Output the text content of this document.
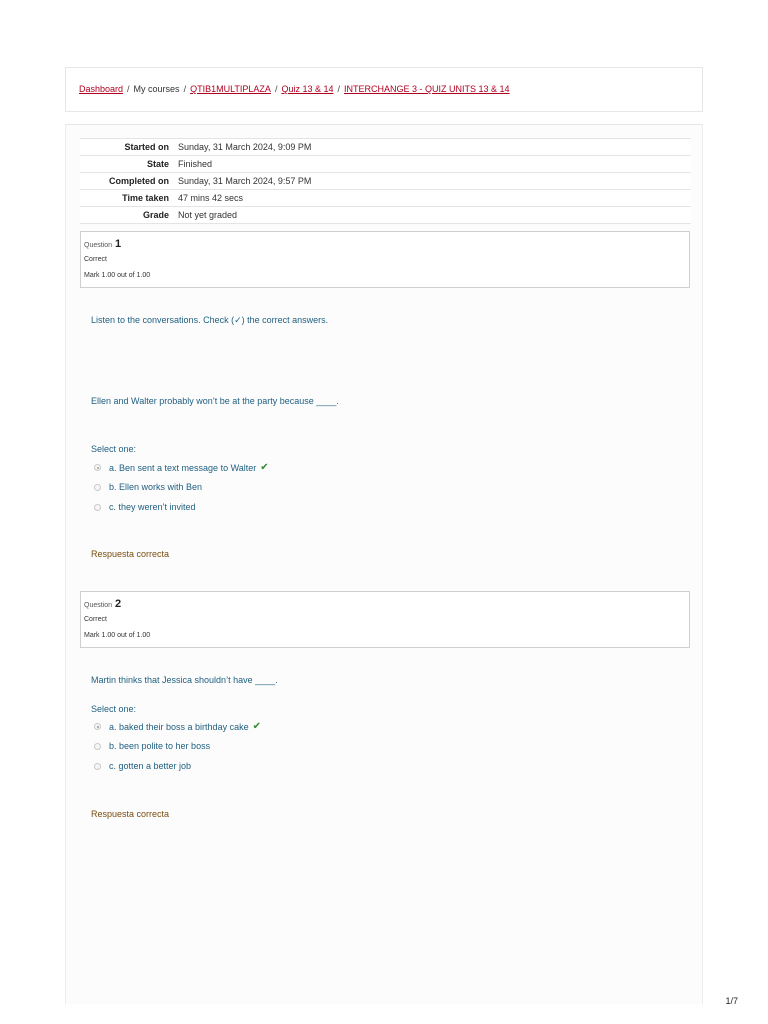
Dashboard / My courses / QTIB1MULTIPLAZA / Quiz 13 & 14 / INTERCHANGE 3 - QUIZ UNITS 13 & 14
Started on	Sunday, 31 March 2024, 9:09 PM
State	Finished
Completed on	Sunday, 31 March 2024, 9:57 PM
Time taken	47 mins 42 secs
Grade	Not yet graded
Question 1
Correct
Mark 1.00 out of 1.00
Listen to the conversations. Check (✓) the correct answers.
Ellen and Walter probably won’t be at the party because ____.
Select one:
a. Ben sent a text message to Walter ✔
b. Ellen works with Ben
c. they weren’t invited
Respuesta correcta
Question 2
Correct
Mark 1.00 out of 1.00
Martin thinks that Jessica shouldn’t have ____.
Select one:
a. baked their boss a birthday cake ✔
b. been polite to her boss
c. gotten a better job
Respuesta correcta
1/7
